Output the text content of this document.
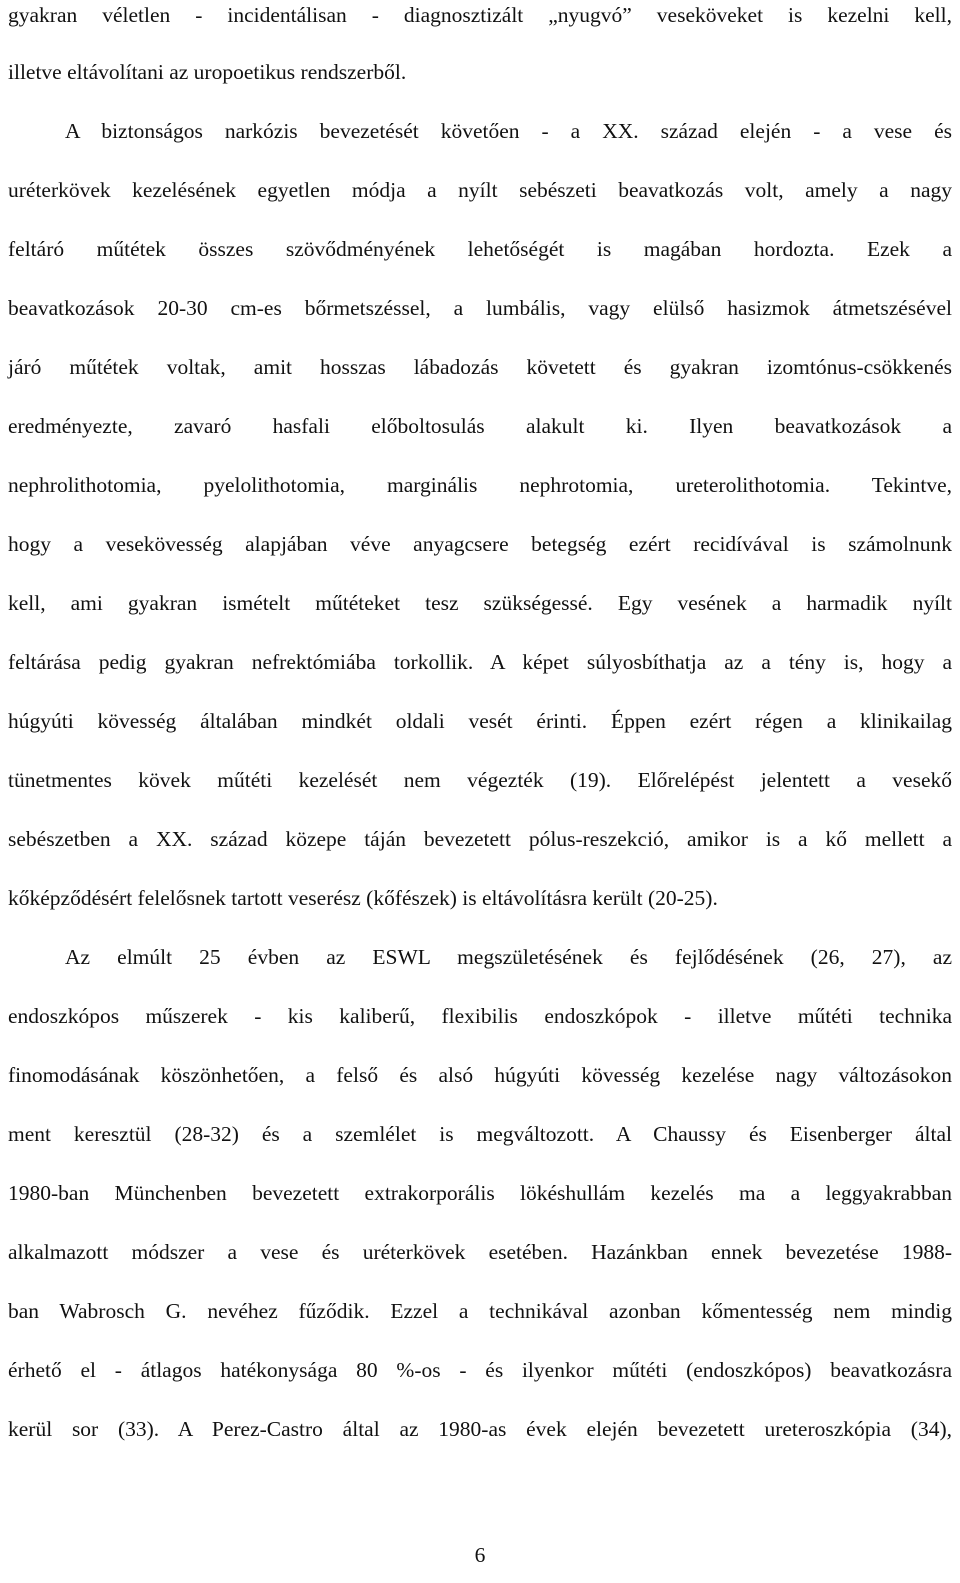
gyakran véletlen - incidentálisan - diagnosztizált „nyugvó” veseköveket is kezelni kell,
illetve eltávolítani az uropoetikus rendszerből.
A biztonságos narkózis bevezetését követően - a XX. század elején - a vese és
uréterkövek kezelésének egyetlen módja a nyílt sebészeti beavatkozás volt, amely a nagy
feltáró műtétek összes szövődményének lehetőségét is magában hordozta. Ezek a
beavatkozások 20-30 cm-es bőrmetszéssel, a lumbális, vagy elülső hasizmok átmetszésével
járó műtétek voltak, amit hosszas lábadozás követett és gyakran izomtónus-csökkenés
eredményezte, zavaró hasfali előboltosulás alakult ki. Ilyen beavatkozások a
nephrolithotomia, pyelolithotomia, marginális nephrotomia, ureterolithotomia. Tekintve,
hogy a vesekövesség alapjában véve anyagcsere betegség ezért recidívával is számolnunk
kell, ami gyakran ismételt műtéteket tesz szükségessé. Egy vesének a harmadik nyílt
feltárása pedig gyakran nefrektómiába torkollik. A képet súlyosbíthatja az a tény is, hogy a
húgyúti kövesség általában mindkét oldali vesét érinti. Éppen ezért régen a klinikailag
tünetmentes kövek műtéti kezelését nem végezték (19). Előrelépést jelentett a vesekő
sebészetben a XX. század közepe táján bevezetett pólus-reszekció, amikor is a kő mellett a
kőképződésért felelősnek tartott veserész (kőfészek) is eltávolításra került (20-25).
Az elmúlt 25 évben az ESWL megszületésének és fejlődésének (26, 27), az
endoszkópos műszerek - kis kaliberű, flexibilis endoszkópok - illetve műtéti technika
finomodásának köszönhetően, a felső és alsó húgyúti kövesség kezelése nagy változásokon
ment keresztül (28-32) és a szemlélet is megváltozott. A Chaussy és Eisenberger által
1980-ban Münchenben bevezetett extrakorporális lökéshullám kezelés ma a leggyakrabban
alkalmazott módszer a vese és uréterkövek esetében. Hazánkban ennek bevezetése 1988-
ban Wabrosch G. nevéhez fűződik. Ezzel a technikával azonban kőmentesség nem mindig
érhető el - átlagos hatékonysága 80 %-os - és ilyenkor műtéti (endoszkópos) beavatkozásra
kerül sor (33). A Perez-Castro által az 1980-as évek elején bevezetett ureteroszkópia (34),
6
